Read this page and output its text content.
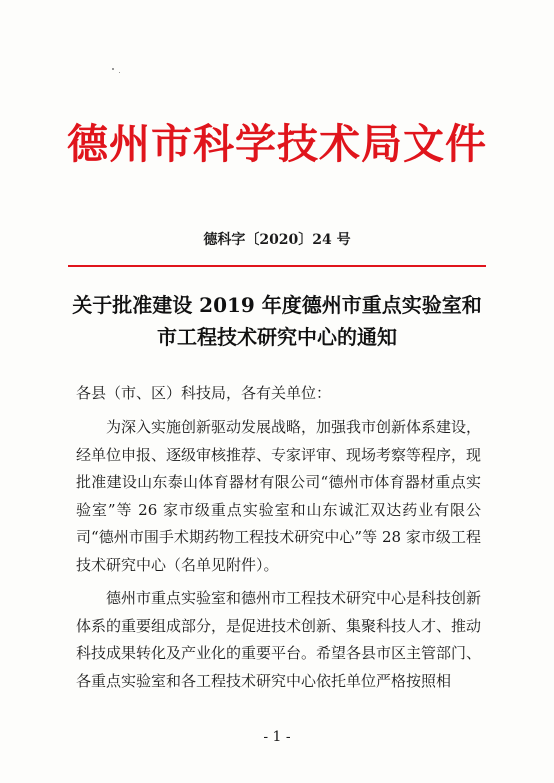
德州市科学技术局文件
德科字〔2020〕24 号
关于批准建设 2019 年度德州市重点实验室和
市工程技术研究中心的通知
各县（市、区）科技局，各有关单位：
为深入实施创新驱动发展战略，加强我市创新体系建设，经单位申报、逐级审核推荐、专家评审、现场考察等程序，现批准建设山东泰山体育器材有限公司“德州市体育器材重点实验室”等 26 家市级重点实验室和山东诚汇双达药业有限公司“德州市围手术期药物工程技术研究中心”等 28 家市级工程技术研究中心（名单见附件）。
德州市重点实验室和德州市工程技术研究中心是科技创新体系的重要组成部分，是促进技术创新、集聚科技人才、推动科技成果转化及产业化的重要平台。希望各县市区主管部门、各重点实验室和各工程技术研究中心依托单位严格按照相
- 1 -
